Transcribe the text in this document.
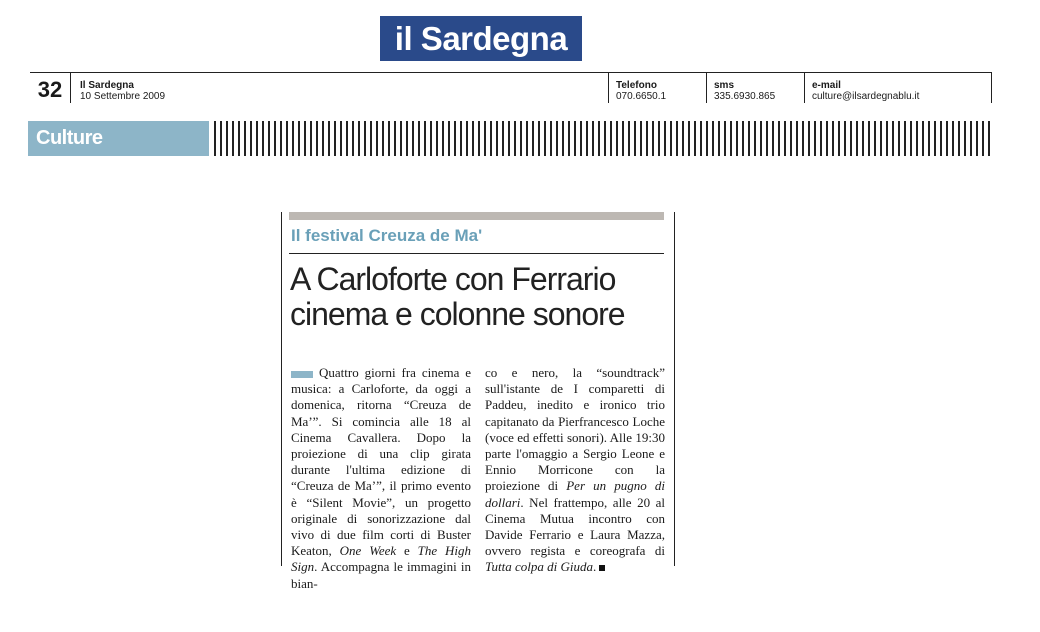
il Sardegna
32	Il Sardegna
10 Settembre 2009
Telefono
070.6650.1
sms
335.6930.865
e-mail
culture@ilsardegnablu.it
Culture
Il festival Creuza de Ma'
A Carloforte con Ferrario
cinema e colonne sonore
Quattro giorni fra cinema e musica: a Carloforte, da oggi a domenica, ritorna “Creuza de Ma’”. Si comincia alle 18 al Cinema Cavallera. Dopo la proiezione di una clip girata durante l'ultima edizione di “Creuza de Ma’”, il primo evento è “Silent Movie”, un progetto originale di sonorizzazione dal vivo di due film corti di Buster Keaton, One Week e The High Sign. Accompagna le immagini in bian-
co e nero, la “soundtrack” sull'istante de I comparetti di Paddeu, inedito e ironico trio capitanato da Pierfrancesco Loche (voce ed effetti sonori). Alle 19:30 parte l'omaggio a Sergio Leone e Ennio Morricone con la proiezione di Per un pugno di dollari. Nel frattempo, alle 20 al Cinema Mutua incontro con Davide Ferrario e Laura Mazza, ovvero regista e coreografa di Tutta colpa di Giuda.
